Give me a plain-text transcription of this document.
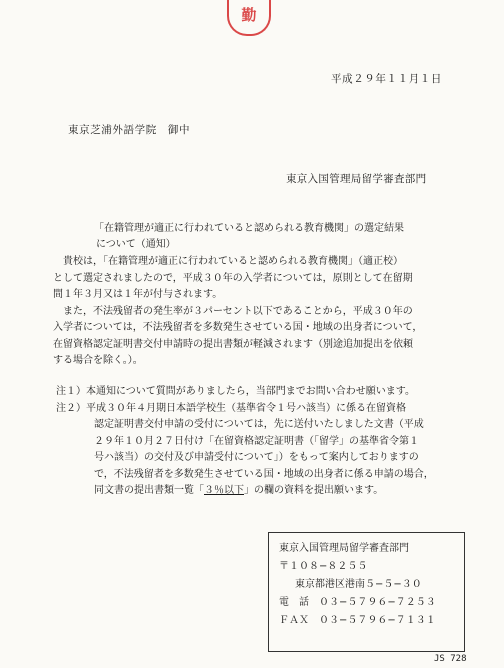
勤
平成２９年１１月１日
東京芝浦外語学院　御中
東京入国管理局留学審査部門
「在籍管理が適正に行われていると認められる教育機関」の選定結果
について（通知）
　貴校は，「在籍管理が適正に行われていると認められる教育機関」（適正校）
として選定されましたので，平成３０年の入学者については，原則として在留期
間１年３月又は１年が付与されます。
　また，不法残留者の発生率が３パーセント以下であることから，平成３０年の
入学者については，不法残留者を多数発生させている国・地域の出身者について，
在留資格認定証明書交付申請時の提出書類が軽減されます（別途追加提出を依頼
する場合を除く。）。
注１）本通知について質問がありましたら，当部門までお問い合わせ願います。
注２）平成３０年４月期日本語学校生（基準省令１号ハ該当）に係る在留資格
認定証明書交付申請の受付については，先に送付いたしました文書（平成
２９年１０月２７日付け「在留資格認定証明書（「留学」の基準省令第１
号ハ該当）の交付及び申請受付について」）をもって案内しておりますの
で，不法残留者を多数発生させている国・地域の出身者に係る申請の場合，
同文書の提出書類一覧「３％以下」の欄の資料を提出願います。
東京入国管理局留学審査部門
〒１０８−８２５５
東京都港区港南５−５−３０
電　話　０３−５７９６−７２５３
ＦＡＸ　０３−５７９６−７１３１
JS 728
